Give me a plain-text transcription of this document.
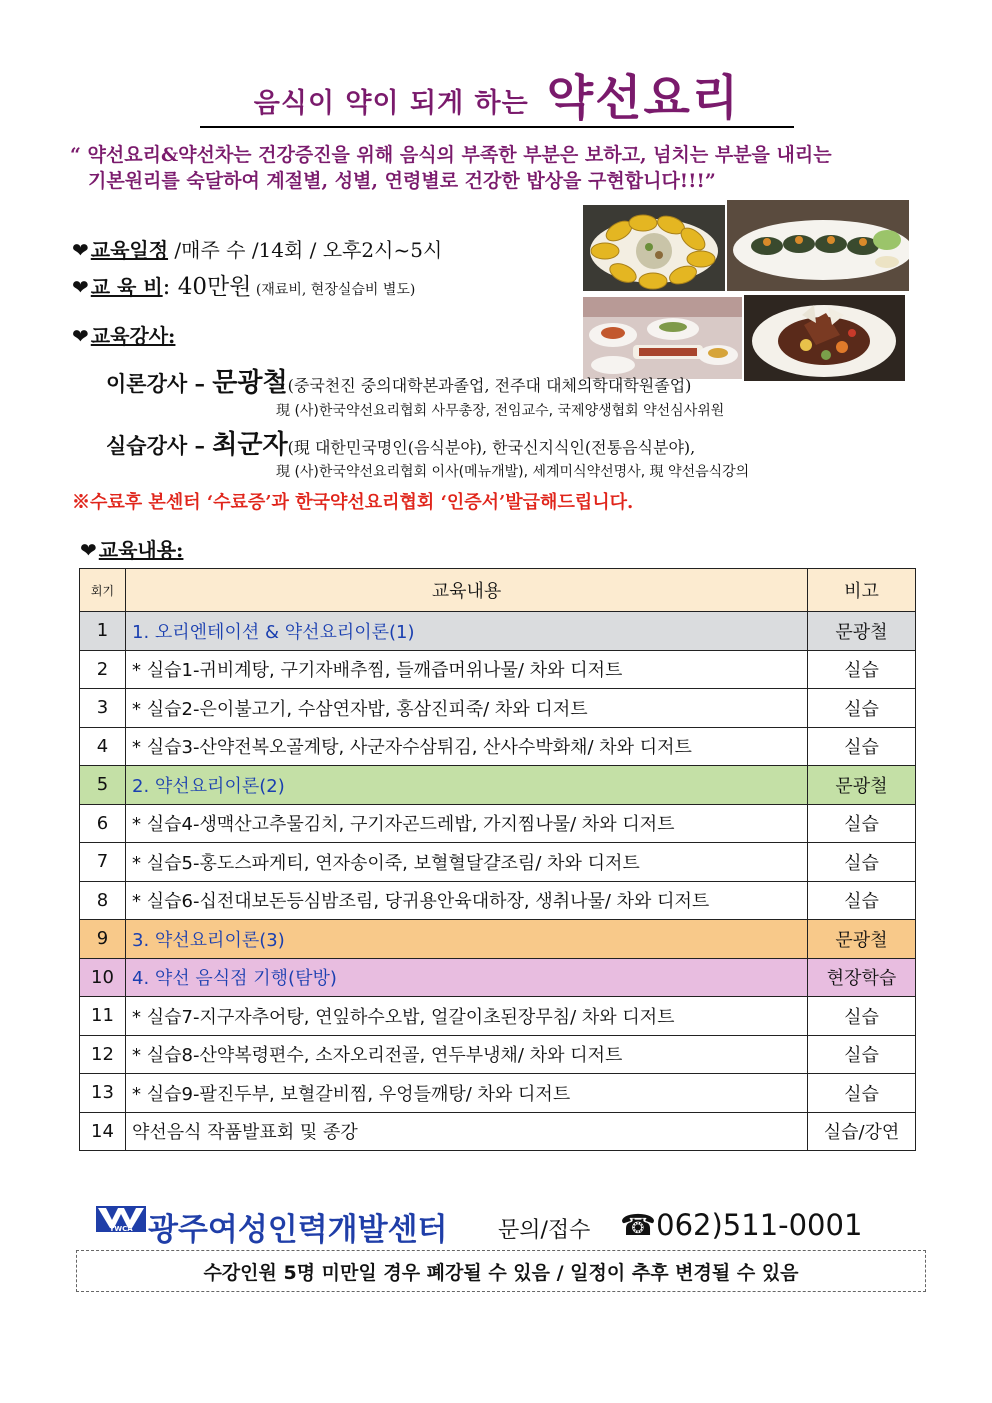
음식이 약이 되게 하는 약선요리
“ 약선요리&약선차는 건강증진을 위해 음식의 부족한 부분은 보하고, 넘치는 부분을 내리는
기본원리를 숙달하여 계절별, 성별, 연령별로 건강한 밥상을 구현합니다!!!”
❤ 교육일정 /매주 수 /14회 / 오후2시~5시
❤ 교 육 비: 40만원 (재료비, 현장실습비 별도)
❤ 교육강사:
이론강사 – 문광철(중국천진 중의대학본과졸업, 전주대 대체의학대학원졸업)
現 (사)한국약선요리협회 사무총장, 전임교수, 국제양생협회 약선심사위원
실습강사 – 최군자(現 대한민국명인(음식분야), 한국신지식인(전통음식분야),
現 (사)한국약선요리협회 이사(메뉴개발), 세계미식약선명사, 現 약선음식강의
※수료후 본센터 ‘수료증’과 한국약선요리협회 ‘인증서’발급해드립니다.
❤ 교육내용:
회기	교육내용	비고
1	1. 오리엔테이션 & 약선요리이론(1)	문광철
2	* 실습1-귀비계탕, 구기자배추찜, 들깨즙머위나물/ 차와 디저트	실습
3	* 실습2-은이불고기, 수삼연자밥, 홍삼진피죽/ 차와 디저트	실습
4	* 실습3-산약전복오골계탕, 사군자수삼튀김, 산사수박화채/ 차와 디저트	실습
5	2. 약선요리이론(2)	문광철
6	* 실습4-생맥산고추물김치, 구기자곤드레밥, 가지찜나물/ 차와 디저트	실습
7	* 실습5-홍도스파게티, 연자송이죽, 보혈혈달걀조림/ 차와 디저트	실습
8	* 실습6-십전대보돈등심밤조림, 당귀용안육대하장, 생취나물/ 차와 디저트	실습
9	3. 약선요리이론(3)	문광철
10	4. 약선 음식점 기행(탐방)	현장학습
11	* 실습7-지구자추어탕, 연잎하수오밥, 얼갈이초된장무침/ 차와 디저트	실습
12	* 실습8-산약복령편수, 소자오리전골, 연두부냉채/ 차와 디저트	실습
13	* 실습9-팔진두부, 보혈갈비찜, 우엉들깨탕/ 차와 디저트	실습
14	약선음식 작품발표회 및 종강	실습/강연
YWCA 광주여성인력개발센터 문의/접수 ☎062)511-0001
수강인원 5명 미만일 경우 폐강될 수 있음 / 일정이 추후 변경될 수 있음
